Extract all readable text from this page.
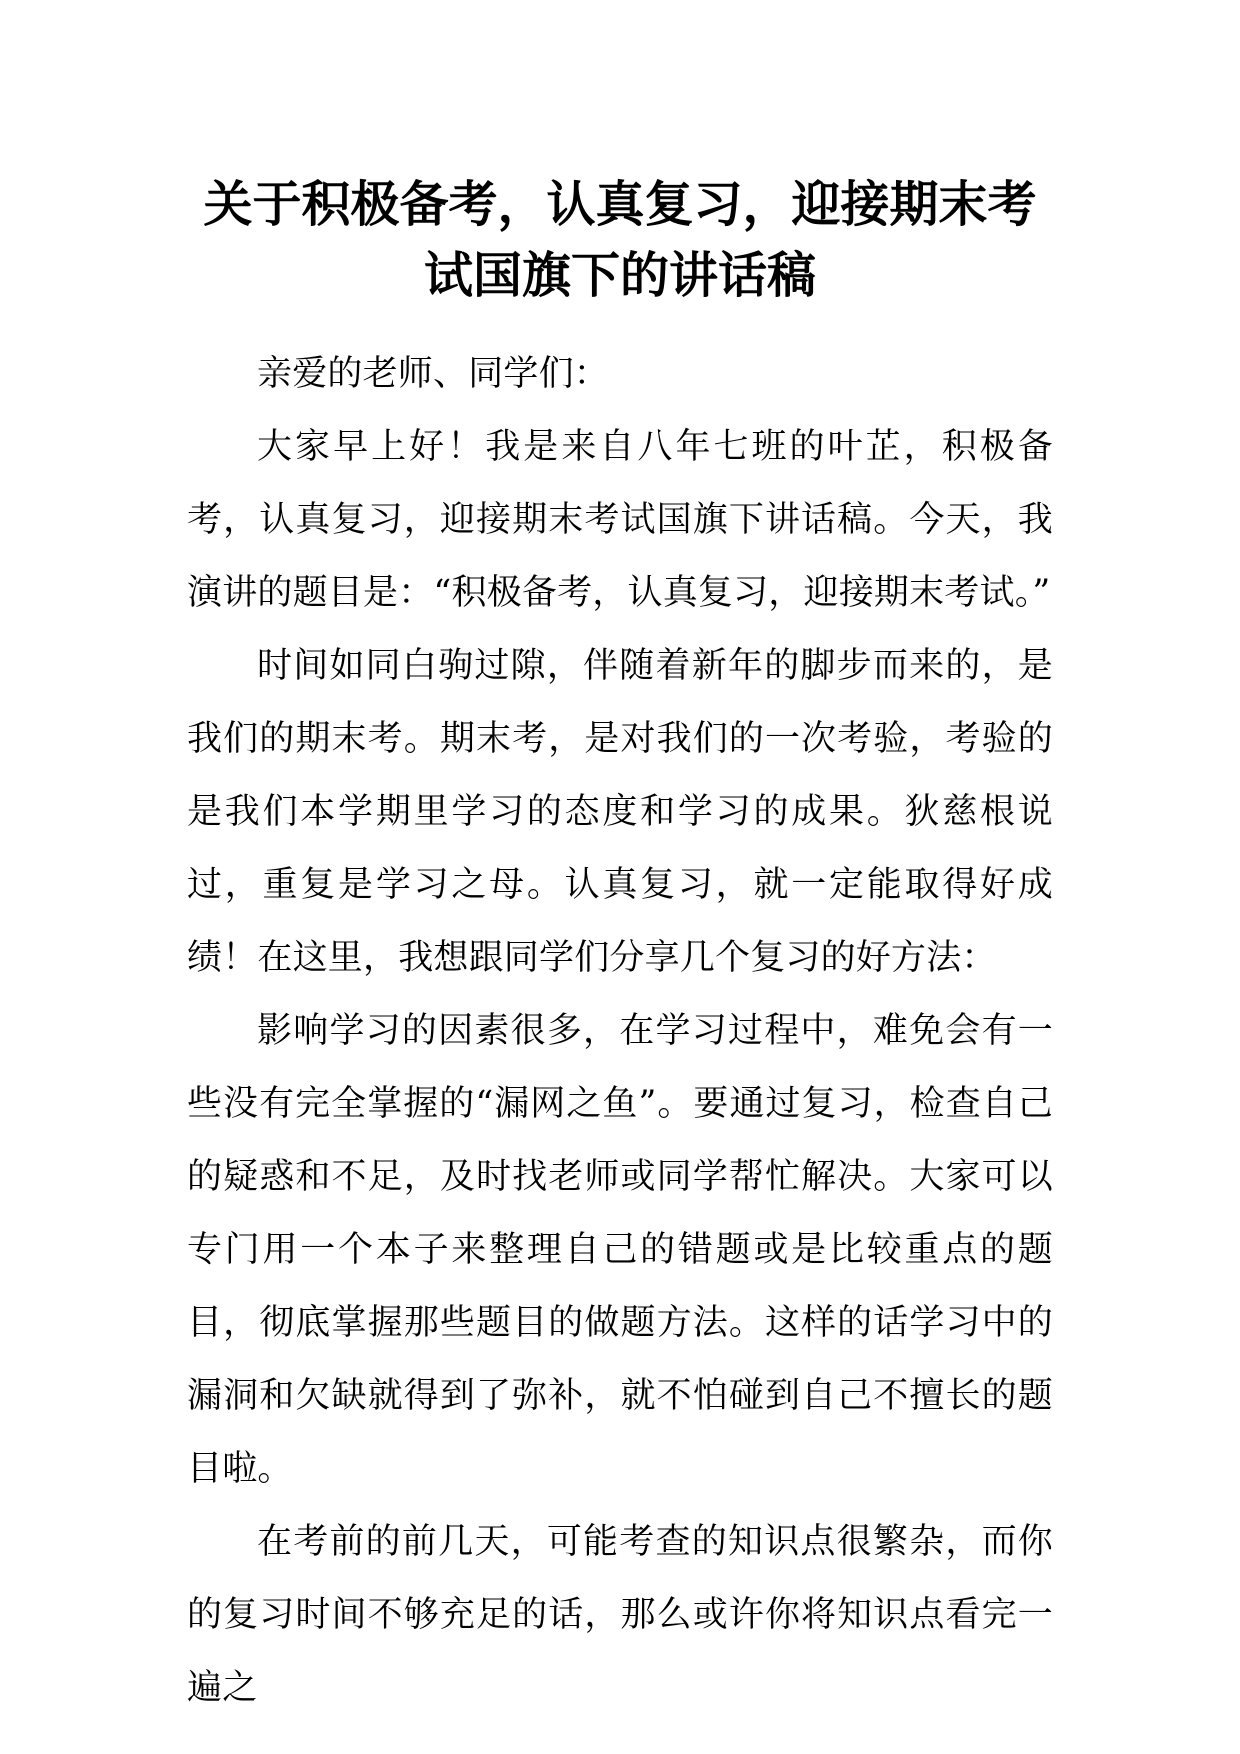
关于积极备考，认真复习，迎接期末考
试国旗下的讲话稿

亲爱的老师、同学们：

大家早上好！我是来自八年七班的叶芷，积极备考，认真复习，迎接期末考试国旗下讲话稿。今天，我演讲的题目是：“积极备考，认真复习，迎接期末考试。”

时间如同白驹过隙，伴随着新年的脚步而来的，是我们的期末考。期末考，是对我们的一次考验，考验的是我们本学期里学习的态度和学习的成果。狄慈根说过，重复是学习之母。认真复习，就一定能取得好成绩！在这里，我想跟同学们分享几个复习的好方法：

影响学习的因素很多，在学习过程中，难免会有一些没有完全掌握的“漏网之鱼”。要通过复习，检查自己的疑惑和不足，及时找老师或同学帮忙解决。大家可以专门用一个本子来整理自己的错题或是比较重点的题目，彻底掌握那些题目的做题方法。这样的话学习中的漏洞和欠缺就得到了弥补，就不怕碰到自己不擅长的题目啦。

在考前的前几天，可能考查的知识点很繁杂，而你的复习时间不够充足的话，那么或许你将知识点看完一遍之
